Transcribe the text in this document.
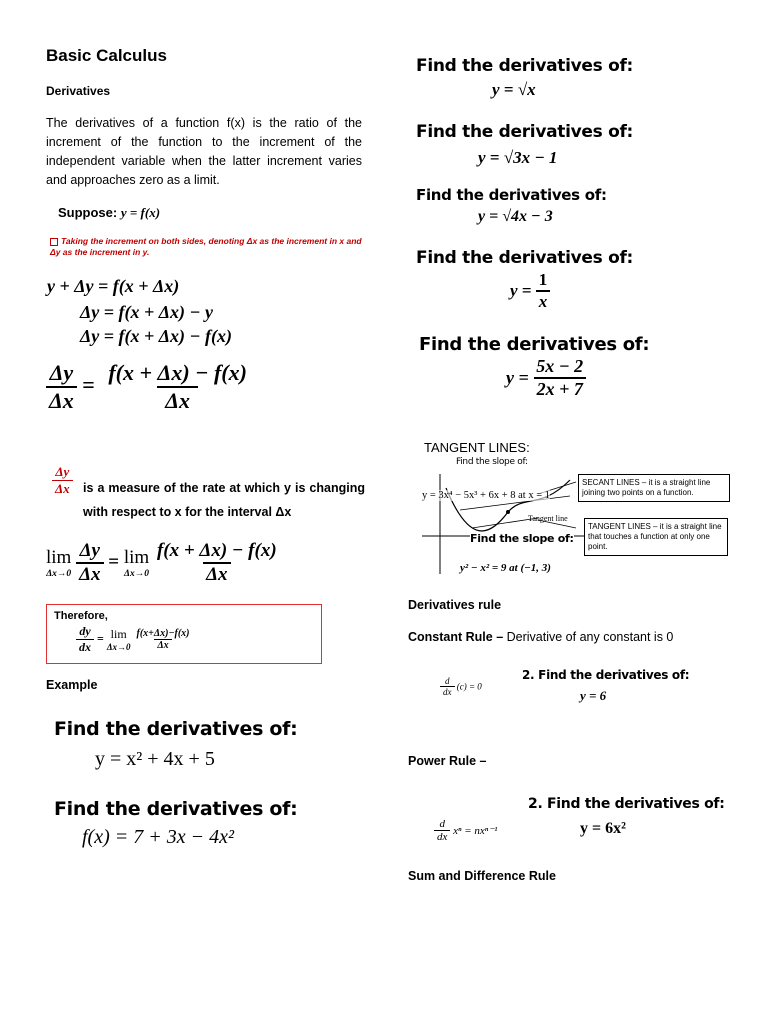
Basic Calculus
Derivatives
The derivatives of a function f(x) is the ratio of the increment of the function to the increment of the independent variable when the latter increment varies and approaches zero as a limit.
Suppose: y = f(x)
Taking the increment on both sides, denoting Δx as the increment in x and Δy as the increment in y.
y + Δy = f(x + Δx)
Δy = f(x + Δx) − y
Δy = f(x + Δx) − f(x)
$\frac{\Delta y}{\Delta x} = \frac{f(x + \Delta x) - f(x)}{\Delta x}$
$\frac{\Delta y}{\Delta x}$ is a measure of the rate at which y is changing with respect to x for the interval Δx
lim
Δx→0
$\frac{\Delta y}{\Delta x} = \lim$
Δx→0
$\frac{f(x + \Delta x) - f(x)}{\Delta x}$
Therefore,
$\frac{dy}{dx} = \lim$
Δx→0
$\frac{f(x+\Delta x)-f(x)}{\Delta x}$
Example
Find the derivatives of:
y = x² + 4x + 5
Find the derivatives of:
f(x) = 7 + 3x − 4x²
Find the derivatives of:
y = √x
Find the derivatives of:
y = √3x − 1
Find the derivatives of:
y = √4x − 3
Find the derivatives of:
$y = \frac{1}{x}$
Find the derivatives of:
$y = \frac{5x - 2}{2x + 7}$
TANGENT LINES:
Find the slope of:
y = 3x⁴ − 5x³ + 6x + 8 at x = 1
Tangent line
SECANT LINES – it is a straight line joining two points on a function.
TANGENT LINES – it is a straight line that touches a function at only one point.
Find the slope of:
y² − x² = 9 at (−1, 3)
Derivatives rule
Constant Rule – Derivative of any constant is 0
$\frac{d}{dx} (c) = 0$
2. Find the derivatives of:
y = 6
Power Rule –
$\frac{d}{dx}$ xⁿ = nxⁿ⁻¹
2. Find the derivatives of:
y = 6x²
Sum and Difference Rule
